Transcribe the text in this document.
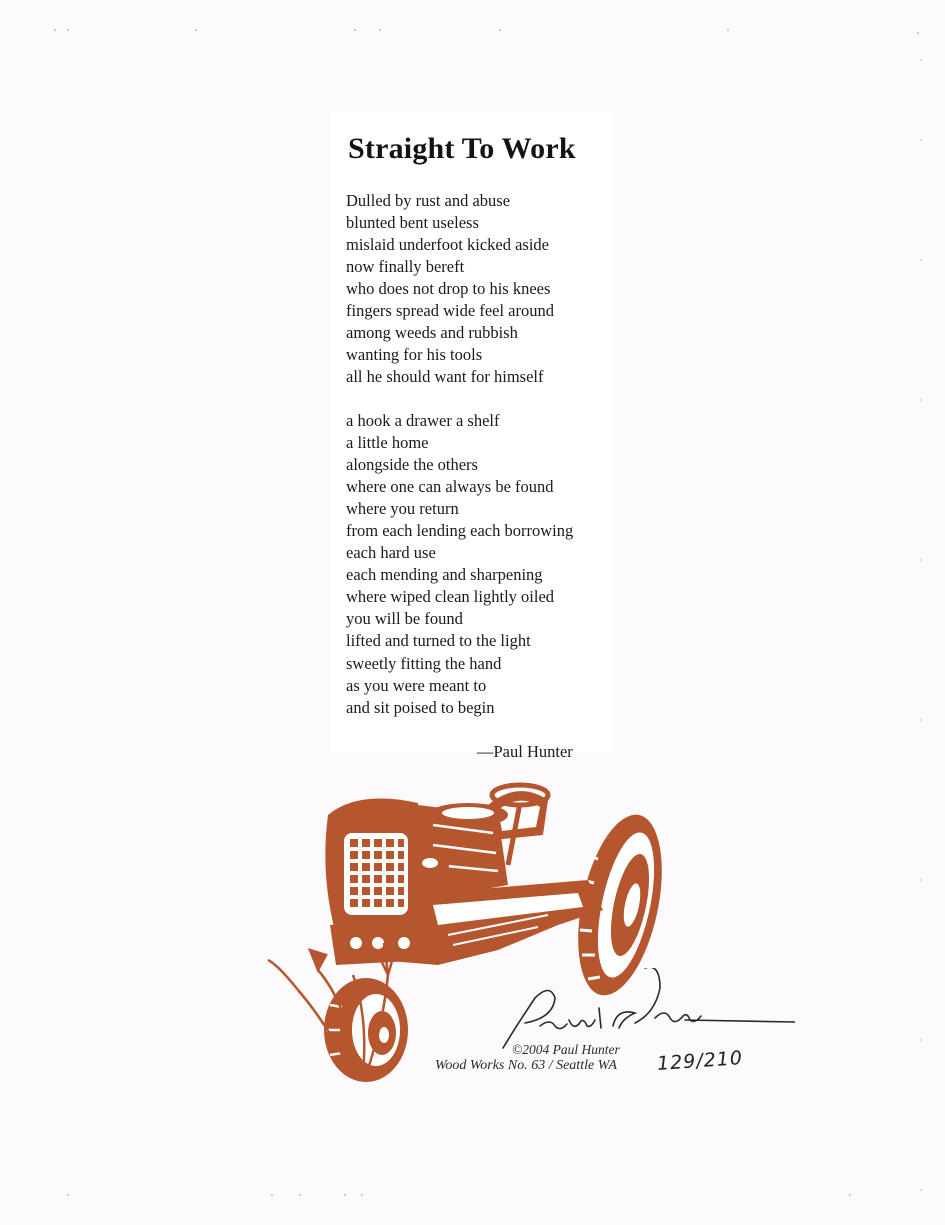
Straight To Work
Dulled by rust and abuse
blunted bent useless
mislaid underfoot kicked aside
now finally bereft
who does not drop to his knees
fingers spread wide feel around
among weeds and rubbish
wanting for his tools
all he should want for himself
a hook a drawer a shelf
a little home
alongside the others
where one can always be found
where you return
from each lending each borrowing
each hard use
each mending and sharpening
where wiped clean lightly oiled
you will be found
lifted and turned to the light
sweetly fitting the hand
as you were meant to
and sit poised to begin
—Paul Hunter
©2004 Paul Hunter
Wood Works No. 63 / Seattle WA 129/210
